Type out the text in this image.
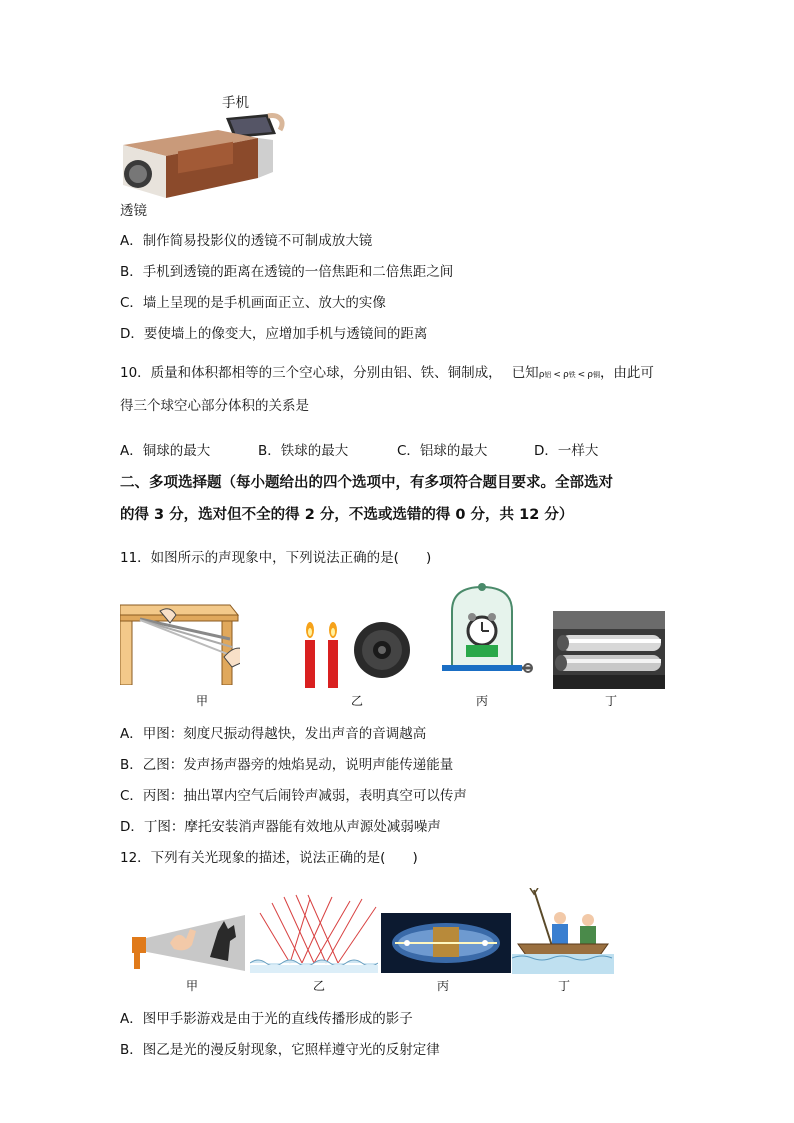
手机
透镜
A．制作简易投影仪的透镜不可制成放大镜
B．手机到透镜的距离在透镜的一倍焦距和二倍焦距之间
C．墙上呈现的是手机画面正立、放大的实像
D．要使墙上的像变大，应增加手机与透镜间的距离
10．质量和体积都相等的三个空心球，分别由铝、铁、铜制成， 已知ρ铝 < ρ铁 < ρ铜，由此可
得三个球空心部分体积的关系是
A．铜球的最大	B．铁球的最大	C．铝球的最大	D．一样大
二、多项选择题（每小题给出的四个选项中，有多项符合题目要求。全部选对
的得 3 分，选对但不全的得 2 分，不选或选错的得 0 分，共 12 分）
11．如图所示的声现象中，下列说法正确的是(　　)
甲	乙	丙	丁
A．甲图：刻度尺振动得越快，发出声音的音调越高
B．乙图：发声扬声器旁的烛焰晃动，说明声能传递能量
C．丙图：抽出罩内空气后闹铃声减弱，表明真空可以传声
D．丁图：摩托安装消声器能有效地从声源处减弱噪声
12．下列有关光现象的描述，说法正确的是(　　)
甲	乙	丙	丁
A．图甲手影游戏是由于光的直线传播形成的影子
B．图乙是光的漫反射现象，它照样遵守光的反射定律
